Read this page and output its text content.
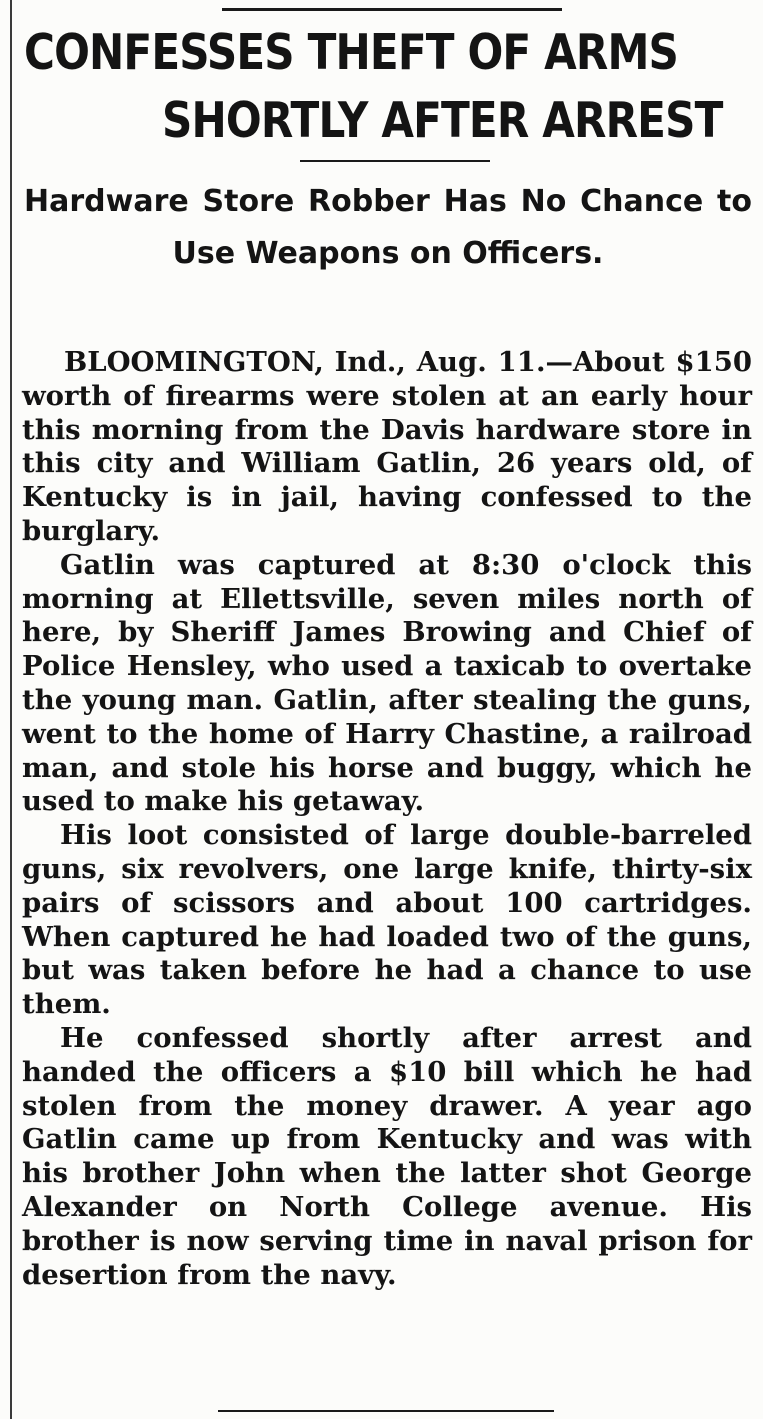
CONFESSES THEFT OF ARMS
SHORTLY AFTER ARREST

Hardware Store Robber Has No Chance to Use Weapons on Officers.

BLOOMINGTON, Ind., Aug. 11.—About $150 worth of firearms were stolen at an early hour this morning from the Davis hardware store in this city and William Gatlin, 26 years old, of Kentucky is in jail, having confessed to the burglary.

Gatlin was captured at 8:30 o'clock this morning at Ellettsville, seven miles north of here, by Sheriff James Browing and Chief of Police Hensley, who used a taxicab to overtake the young man. Gatlin, after stealing the guns, went to the home of Harry Chastine, a railroad man, and stole his horse and buggy, which he used to make his getaway.

His loot consisted of large double-barreled guns, six revolvers, one large knife, thirty-six pairs of scissors and about 100 cartridges. When captured he had loaded two of the guns, but was taken before he had a chance to use them.

He confessed shortly after arrest and handed the officers a $10 bill which he had stolen from the money drawer. A year ago Gatlin came up from Kentucky and was with his brother John when the latter shot George Alexander on North College avenue. His brother is now serving time in naval prison for desertion from the navy.
